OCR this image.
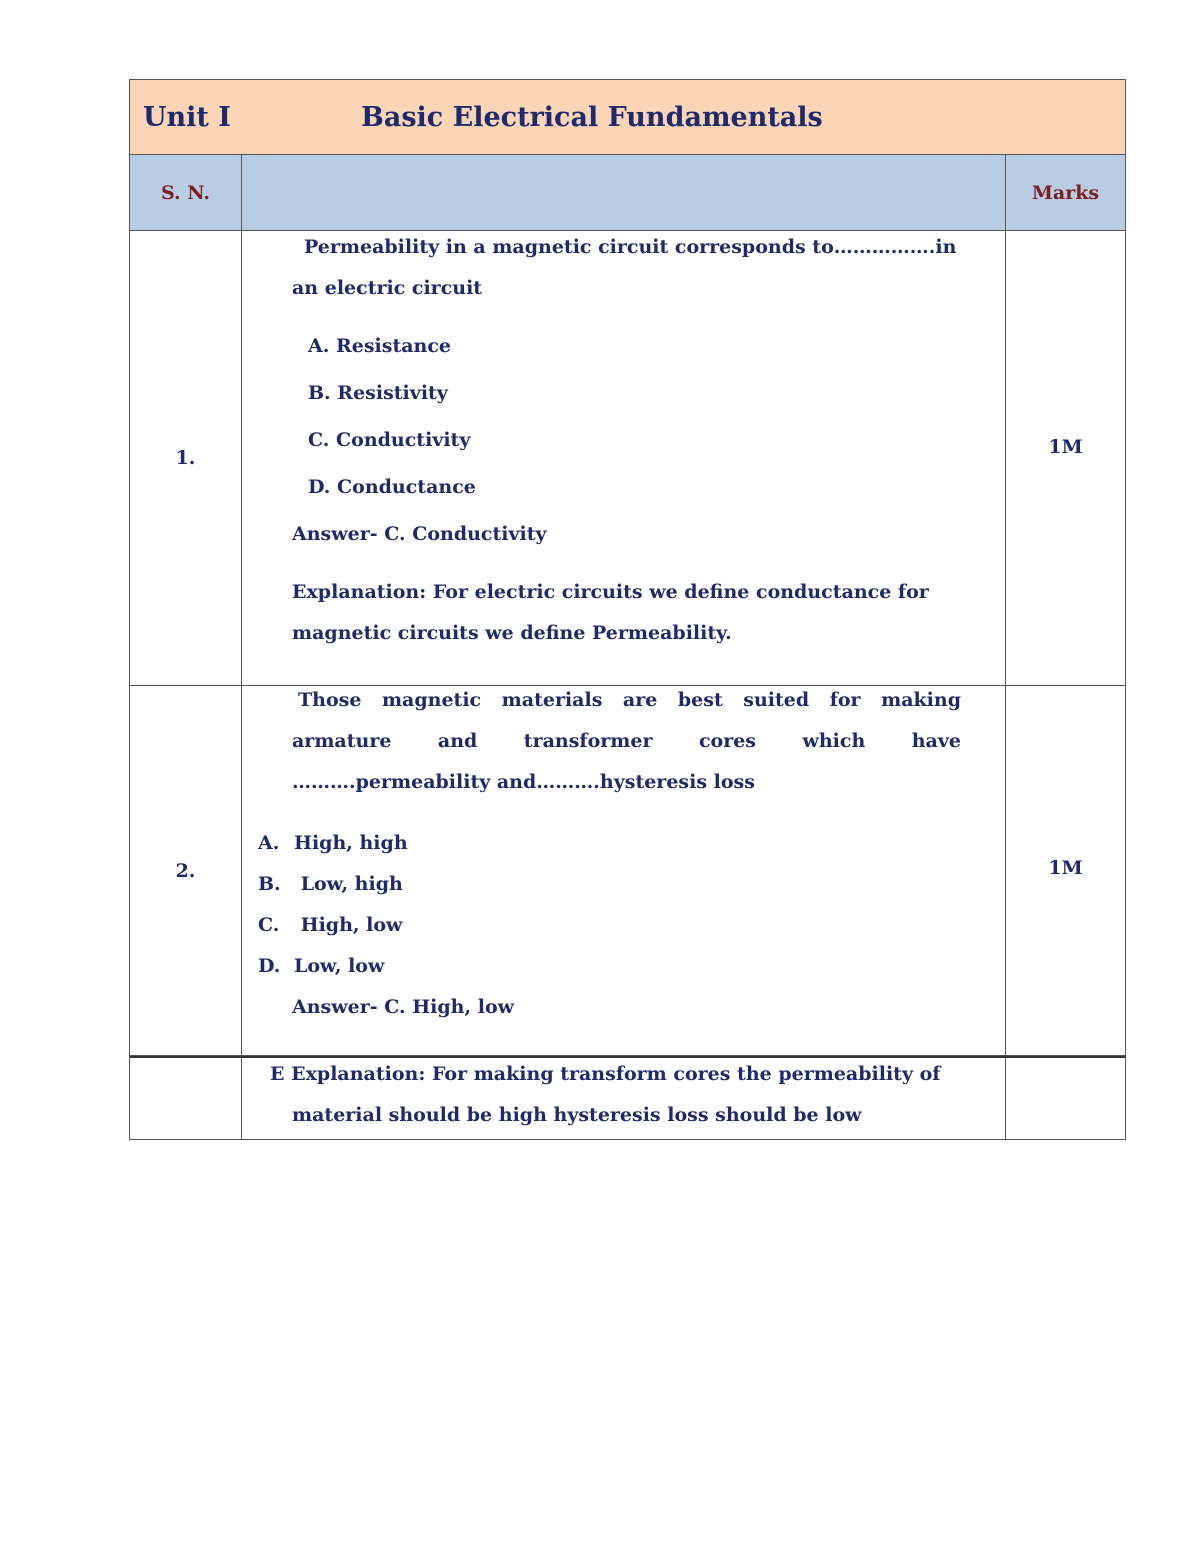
Unit I	Basic Electrical Fundamentals
S. N.	Marks
1.

Permeability in a magnetic circuit corresponds to…………….in

an electric circuit

A. Resistance

B. Resistivity

C. Conductivity

D. Conductance

Answer- C. Conductivity

Explanation: For electric circuits we define conductance for

magnetic circuits we define Permeability.

1M
2.

Those magnetic materials are best suited for making

armature and transformer cores which have

……….permeability and……….hysteresis loss

A. High, high
B. Low, high
C. High, low
D. Low, low

Answer- C. High, low

1M

E Explanation: For making transform cores the permeability of

material should be high hysteresis loss should be low
